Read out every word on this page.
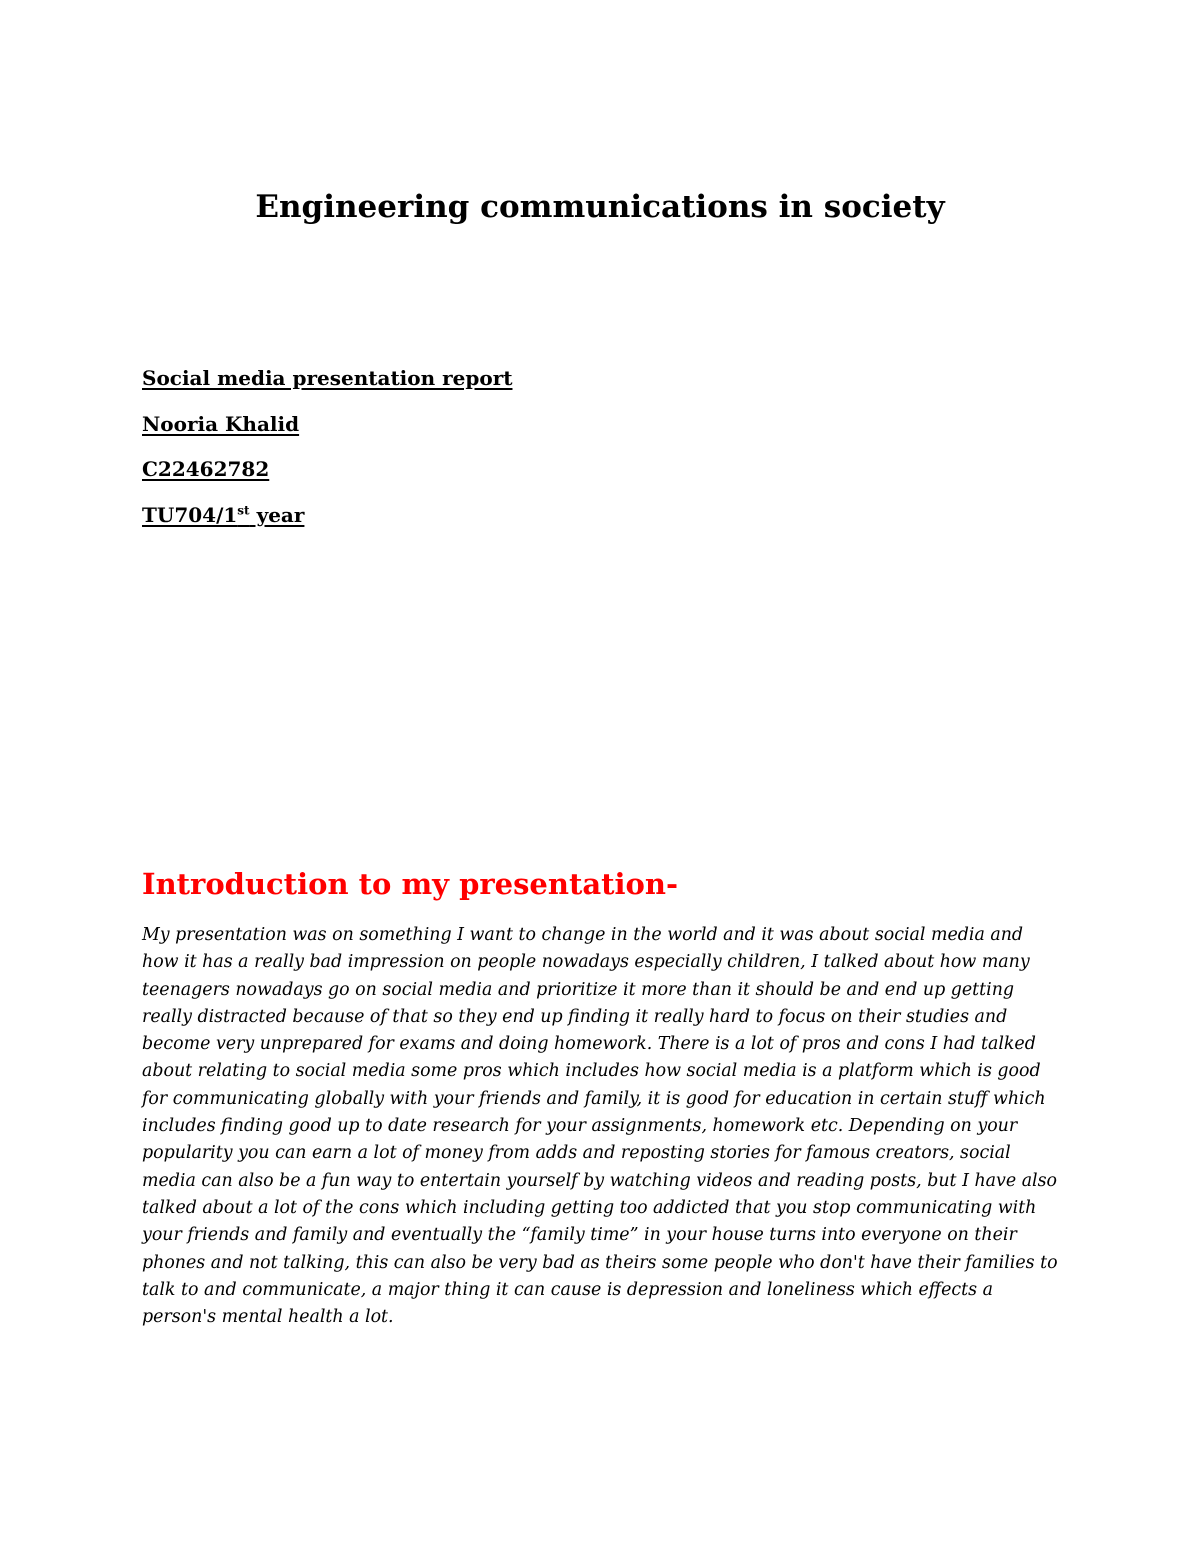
Engineering communications in society
Social media presentation report
Nooria Khalid
C22462782
TU704/1st year
Introduction to my presentation-
My presentation was on something I want to change in the world and it was about social media and
how it has a really bad impression on people nowadays especially children, I talked about how many
teenagers nowadays go on social media and prioritize it more than it should be and end up getting
really distracted because of that so they end up finding it really hard to focus on their studies and
become very unprepared for exams and doing homework. There is a lot of pros and cons I had talked
about relating to social media some pros which includes how social media is a platform which is good
for communicating globally with your friends and family, it is good for education in certain stuff which
includes finding good up to date research for your assignments, homework etc. Depending on your
popularity you can earn a lot of money from adds and reposting stories for famous creators, social
media can also be a fun way to entertain yourself by watching videos and reading posts, but I have also
talked about a lot of the cons which including getting too addicted that you stop communicating with
your friends and family and eventually the “family time” in your house turns into everyone on their
phones and not talking, this can also be very bad as theirs some people who don't have their families to
talk to and communicate, a major thing it can cause is depression and loneliness which effects a
person's mental health a lot.
